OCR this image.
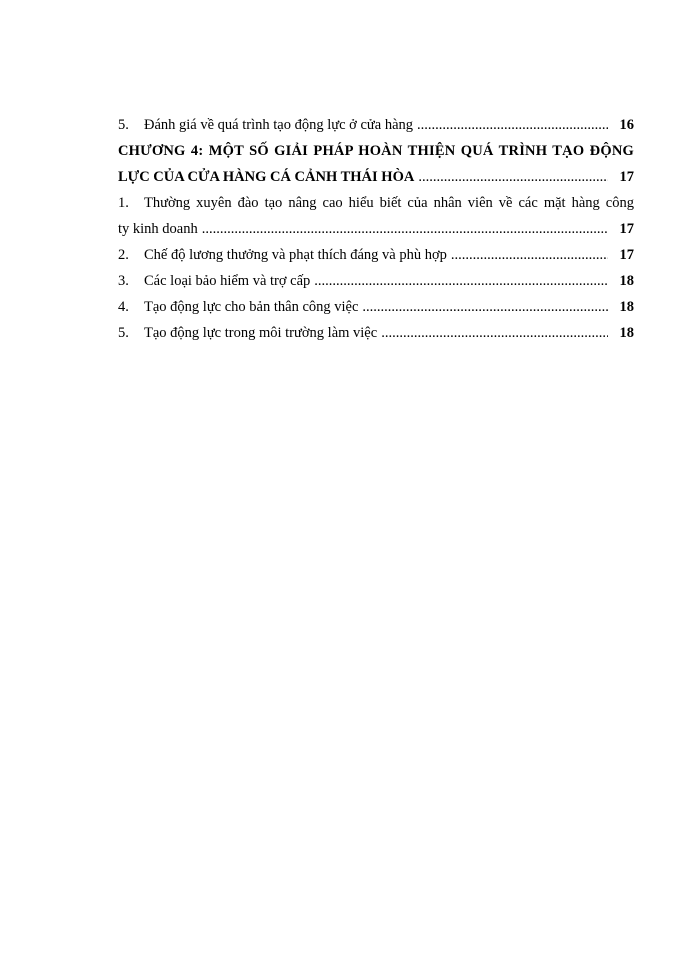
5.	Đánh giá về quá trình tạo động lực ở cửa hàng .....	16
CHƯƠNG 4: MỘT SỐ GIẢI PHÁP HOÀN THIỆN QUÁ TRÌNH TẠO ĐỘNG
LỰC CỦA CỬA HÀNG CÁ CẢNH THÁI HÒA .....	17
1. Thường xuyên đào tạo nâng cao hiểu biết của nhân viên về các mặt hàng công
ty kinh doanh .....	17
2.	Chế độ lương thưởng và phạt thích đáng và phù hợp .....	17
3.	Các loại bảo hiểm và trợ cấp .....	18
4.	Tạo động lực cho bản thân công việc .....	18
5.	Tạo động lực trong môi trường làm việc .....	18
